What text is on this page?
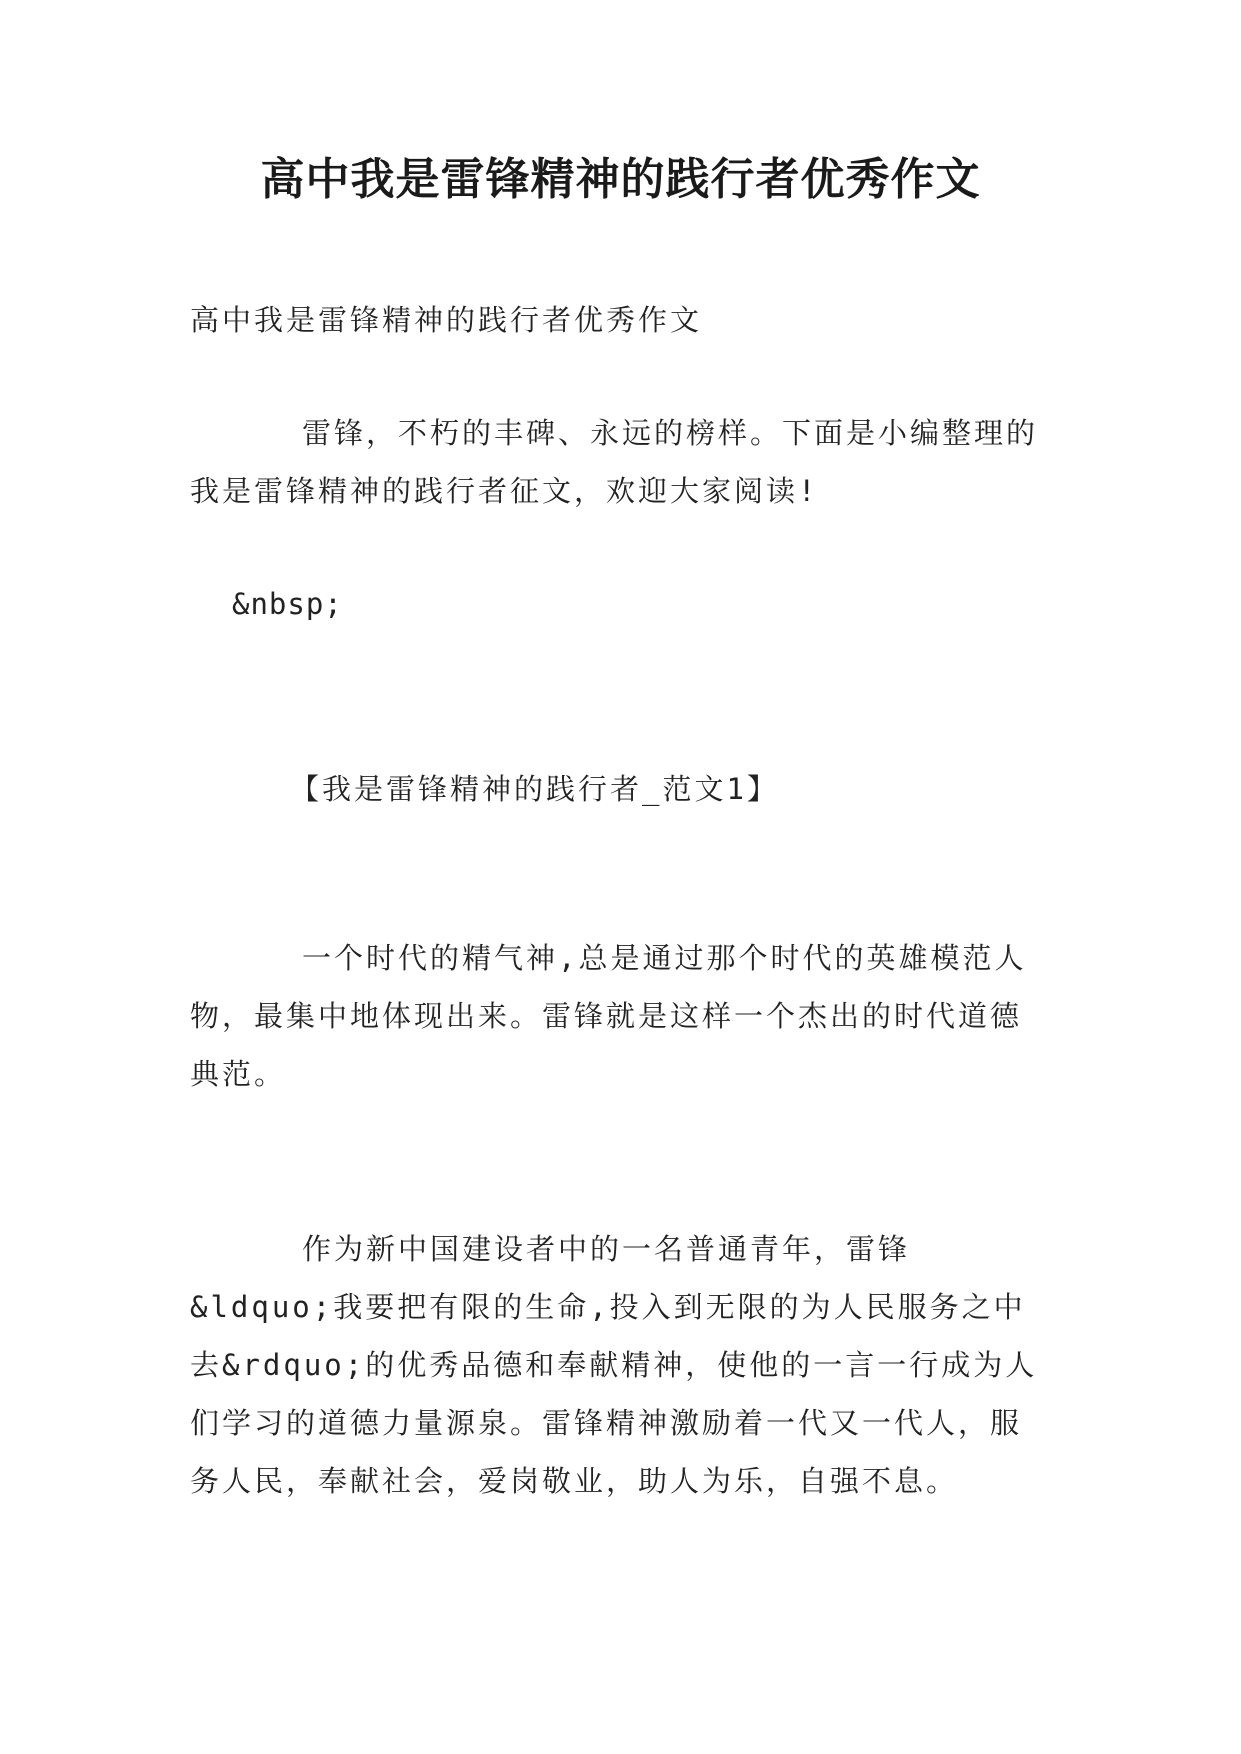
高中我是雷锋精神的践行者优秀作文
高中我是雷锋精神的践行者优秀作文
雷锋，不朽的丰碑、永远的榜样。下面是小编整理的我是雷锋精神的践行者征文，欢迎大家阅读!
&nbsp;
【我是雷锋精神的践行者_范文1】
一个时代的精气神,总是通过那个时代的英雄模范人物，最集中地体现出来。雷锋就是这样一个杰出的时代道德典范。
作为新中国建设者中的一名普通青年，雷锋&ldquo;我要把有限的生命,投入到无限的为人民服务之中去&rdquo;的优秀品德和奉献精神，使他的一言一行成为人们学习的道德力量源泉。雷锋精神激励着一代又一代人，服务人民，奉献社会，爱岗敬业，助人为乐，自强不息。
